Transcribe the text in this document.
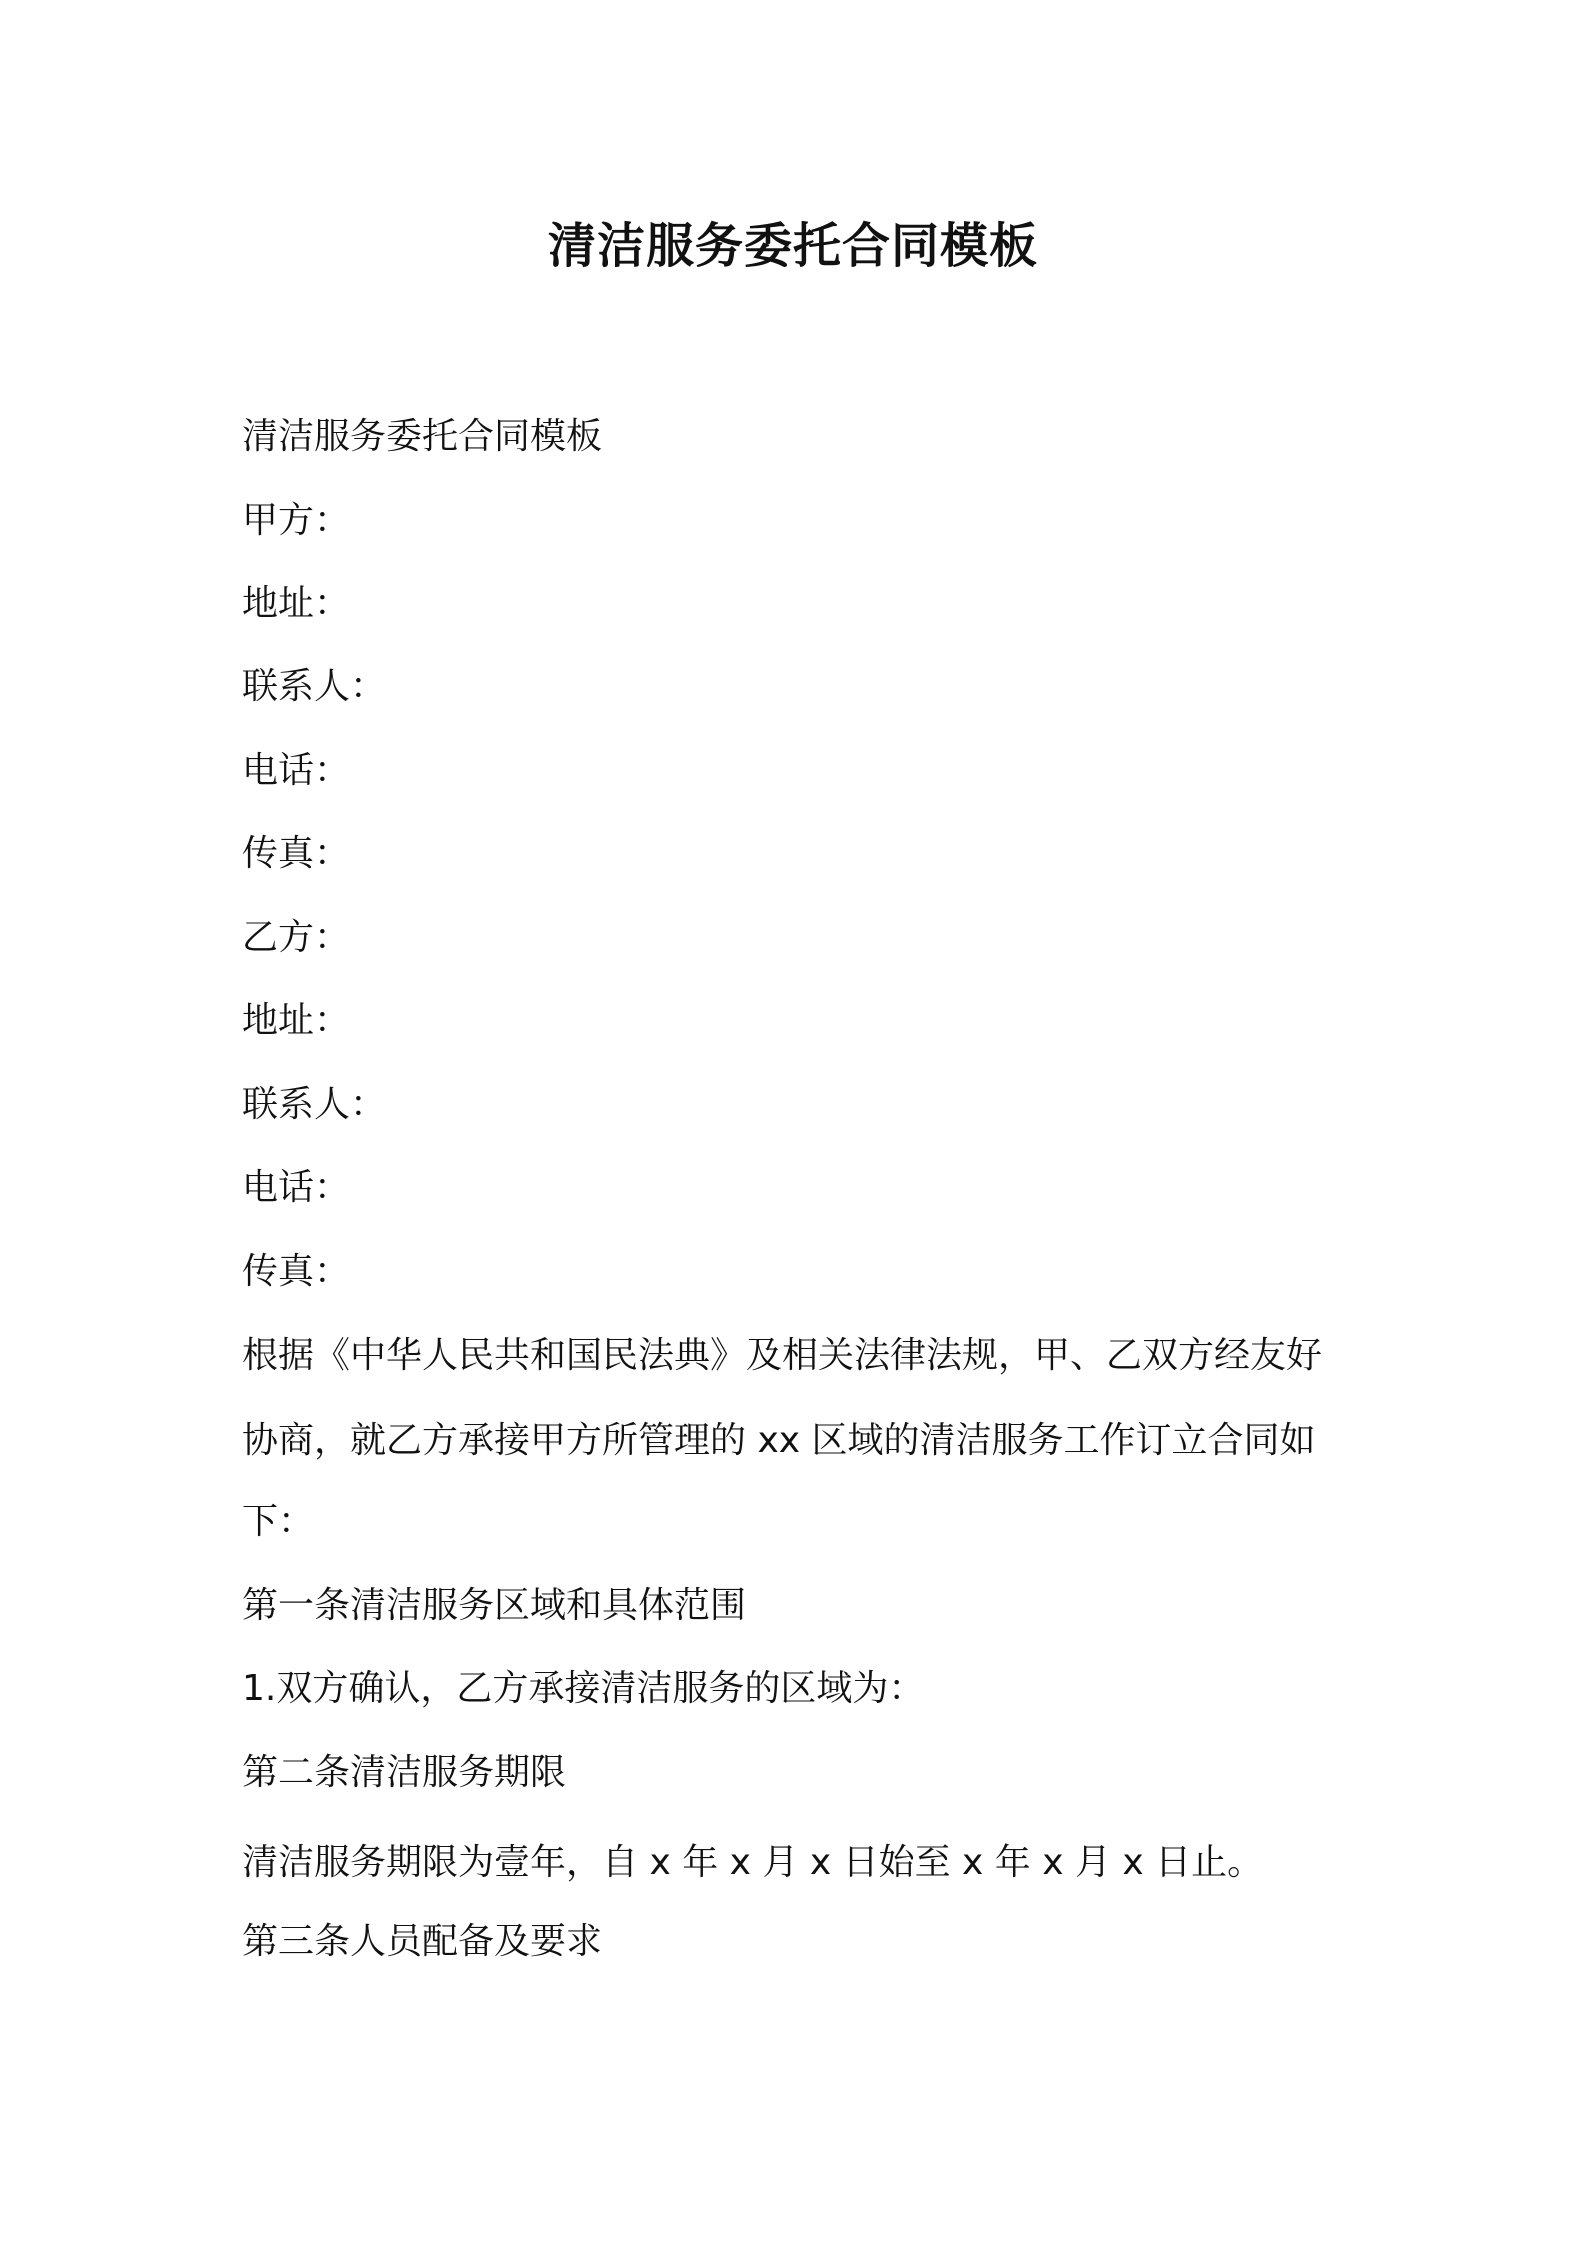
清洁服务委托合同模板
清洁服务委托合同模板
甲方：
地址：
联系人：
电话：
传真：
乙方：
地址：
联系人：
电话：
传真：
根据《中华人民共和国民法典》及相关法律法规，甲、乙双方经友好
协商，就乙方承接甲方所管理的 xx 区域的清洁服务工作订立合同如
下：
第一条清洁服务区域和具体范围
1.双方确认，乙方承接清洁服务的区域为：
第二条清洁服务期限
清洁服务期限为壹年，自 x 年 x 月 x 日始至 x 年 x 月 x 日止。
第三条人员配备及要求
